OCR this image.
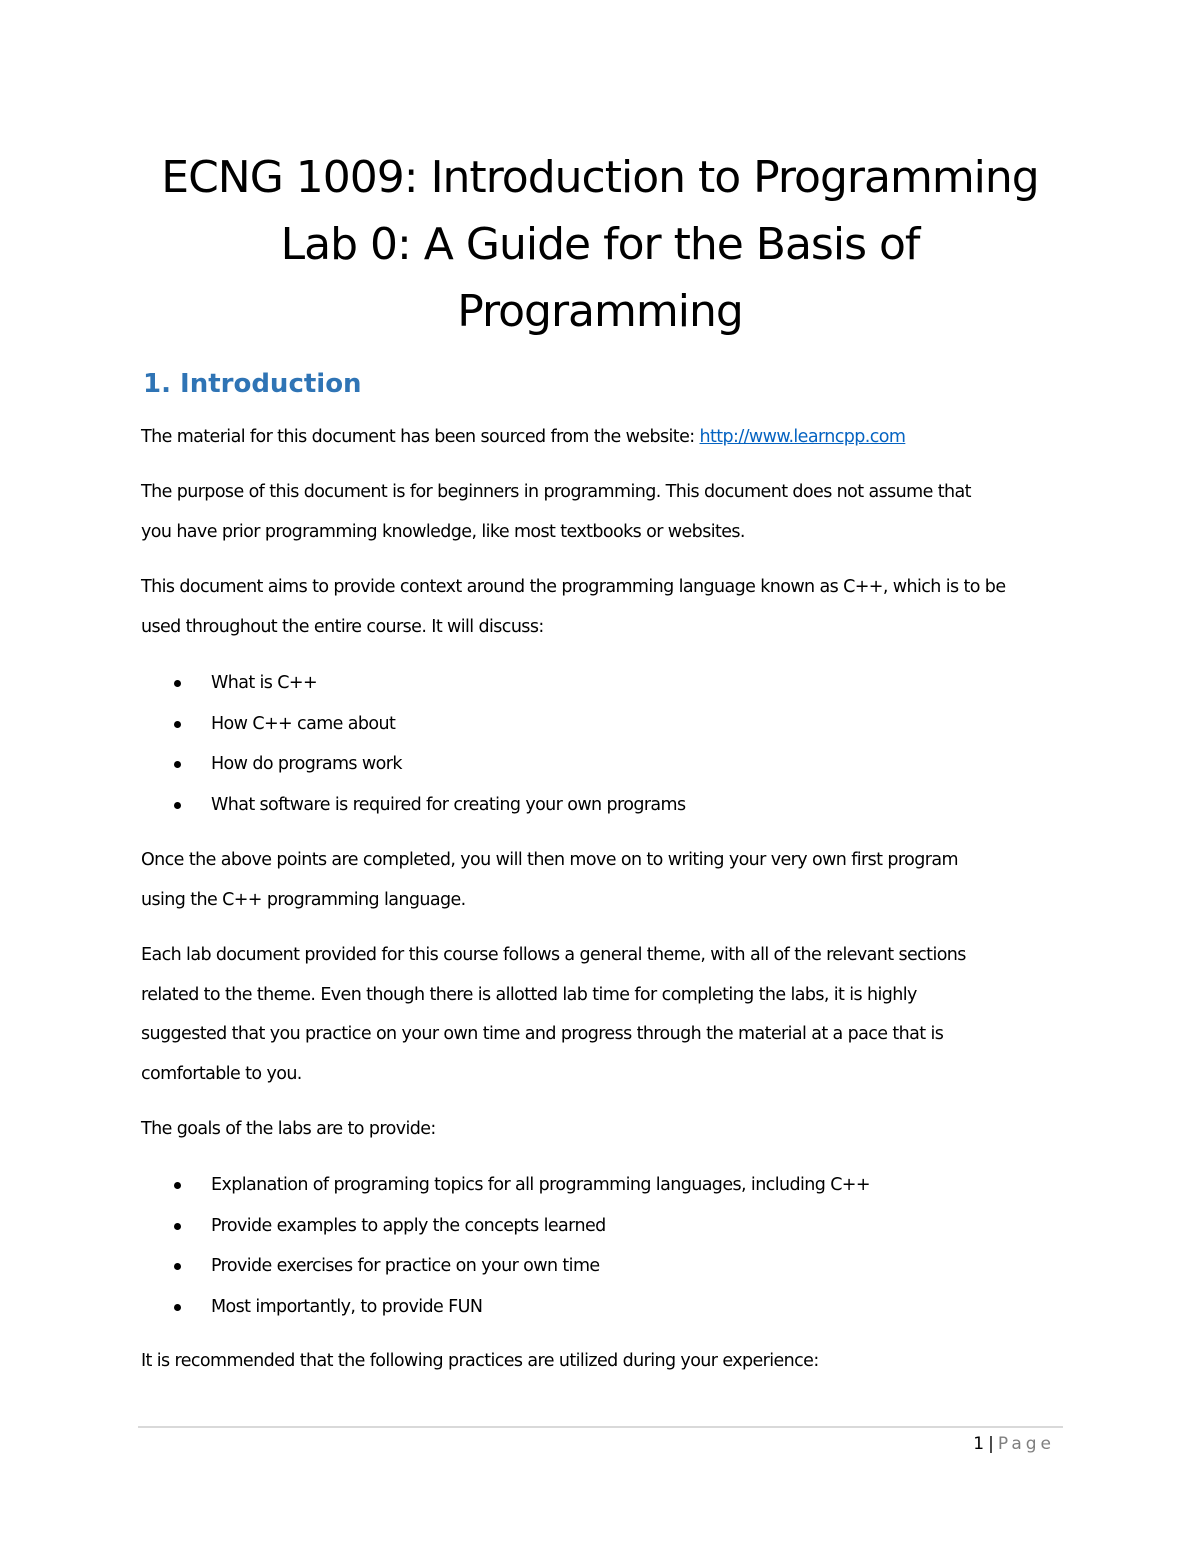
ECNG 1009: Introduction to Programming
Lab 0: A Guide for the Basis of
Programming
1. Introduction

The material for this document has been sourced from the website: http://www.learncpp.com

The purpose of this document is for beginners in programming. This document does not assume that

you have prior programming knowledge, like most textbooks or websites.

This document aims to provide context around the programming language known as C++, which is to be

used throughout the entire course. It will discuss:

What is C++
How C++ came about
How do programs work
What software is required for creating your own programs

Once the above points are completed, you will then move on to writing your very own first program

using the C++ programming language.

Each lab document provided for this course follows a general theme, with all of the relevant sections

related to the theme. Even though there is allotted lab time for completing the labs, it is highly

suggested that you practice on your own time and progress through the material at a pace that is

comfortable to you.

The goals of the labs are to provide:

Explanation of programing topics for all programming languages, including C++
Provide examples to apply the concepts learned
Provide exercises for practice on your own time
Most importantly, to provide FUN

It is recommended that the following practices are utilized during your experience:

1 | Page
